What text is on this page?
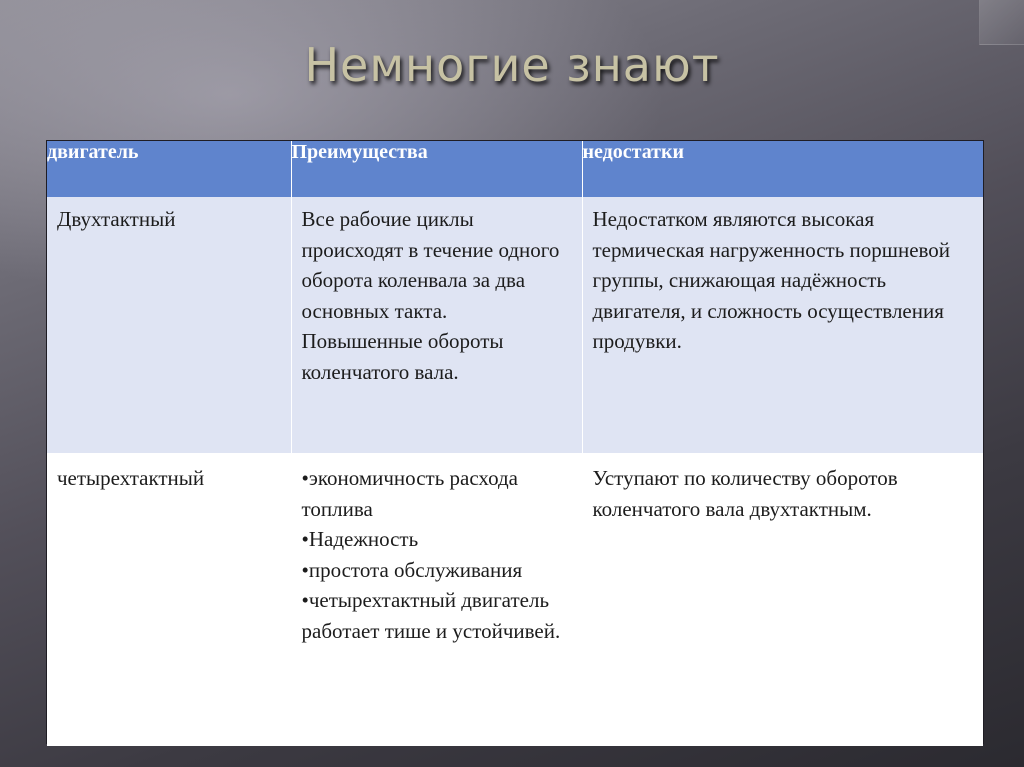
Немногие знают
двигатель	Преимущества	недостатки

Двухтактный	Все рабочие циклы происходят в течение одного оборота коленвала за два основных такта. Повышенные обороты коленчатого вала.	Недостатком являются высокая термическая нагруженность поршневой группы, снижающая надёжность двигателя, и сложность осуществления продувки.

четырехтактный	•экономичность расхода топлива
•Надежность
•простота обслуживания
•четырехтактный двигатель работает тише и устойчивей.	Уступают по количеству оборотов коленчатого вала двухтактным.
